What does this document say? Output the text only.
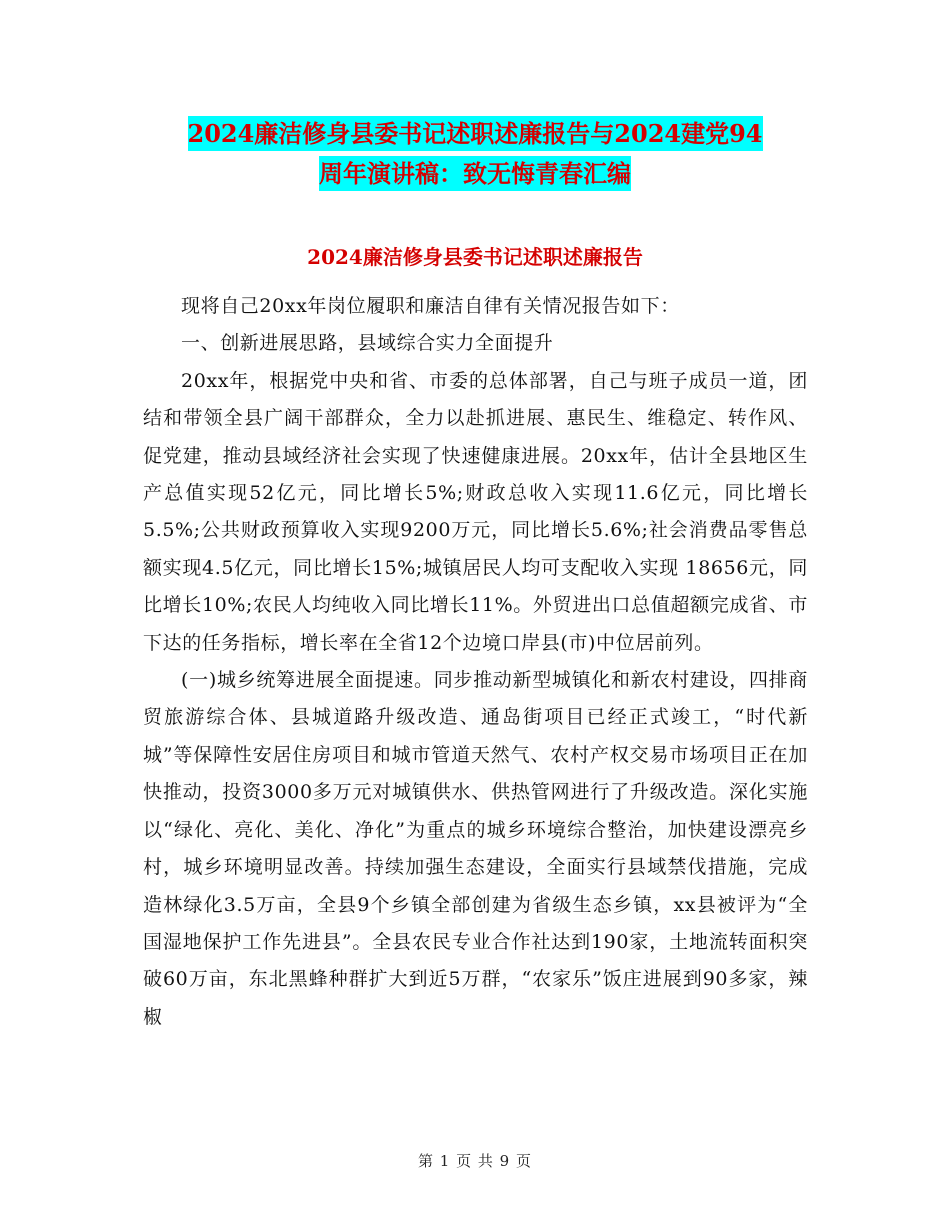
2024廉洁修身县委书记述职述廉报告与2024建党94
周年演讲稿：致无悔青春汇编
2024廉洁修身县委书记述职述廉报告

现将自己20xx年岗位履职和廉洁自律有关情况报告如下：

一、创新进展思路，县域综合实力全面提升

20xx年，根据党中央和省、市委的总体部署，自己与班子成员一道，团结和带领全县广阔干部群众，全力以赴抓进展、惠民生、维稳定、转作风、促党建，推动县域经济社会实现了快速健康进展。20xx年，估计全县地区生产总值实现52亿元，同比增长5%;财政总收入实现11.6亿元，同比增长 5.5%;公共财政预算收入实现9200万元，同比增长5.6%;社会消费品零售总额实现4.5亿元，同比增长15%;城镇居民人均可支配收入实现 18656元，同比增长10%;农民人均纯收入同比增长11%。外贸进出口总值超额完成省、市下达的任务指标，增长率在全省12个边境口岸县(市)中位居前列。

(一)城乡统筹进展全面提速。同步推动新型城镇化和新农村建设，四排商贸旅游综合体、县城道路升级改造、通岛街项目已经正式竣工，“时代新城”等保障性安居住房项目和城市管道天然气、农村产权交易市场项目正在加快推动，投资3000多万元对城镇供水、供热管网进行了升级改造。深化实施以“绿化、亮化、美化、净化”为重点的城乡环境综合整治，加快建设漂亮乡村，城乡环境明显改善。持续加强生态建设，全面实行县域禁伐措施，完成造林绿化3.5万亩，全县9个乡镇全部创建为省级生态乡镇，xx县被评为“全国湿地保护工作先进县”。全县农民专业合作社达到190家，土地流转面积突破60万亩，东北黑蜂种群扩大到近5万群，“农家乐”饭庄进展到90多家，辣椒

第 1 页 共 9 页
